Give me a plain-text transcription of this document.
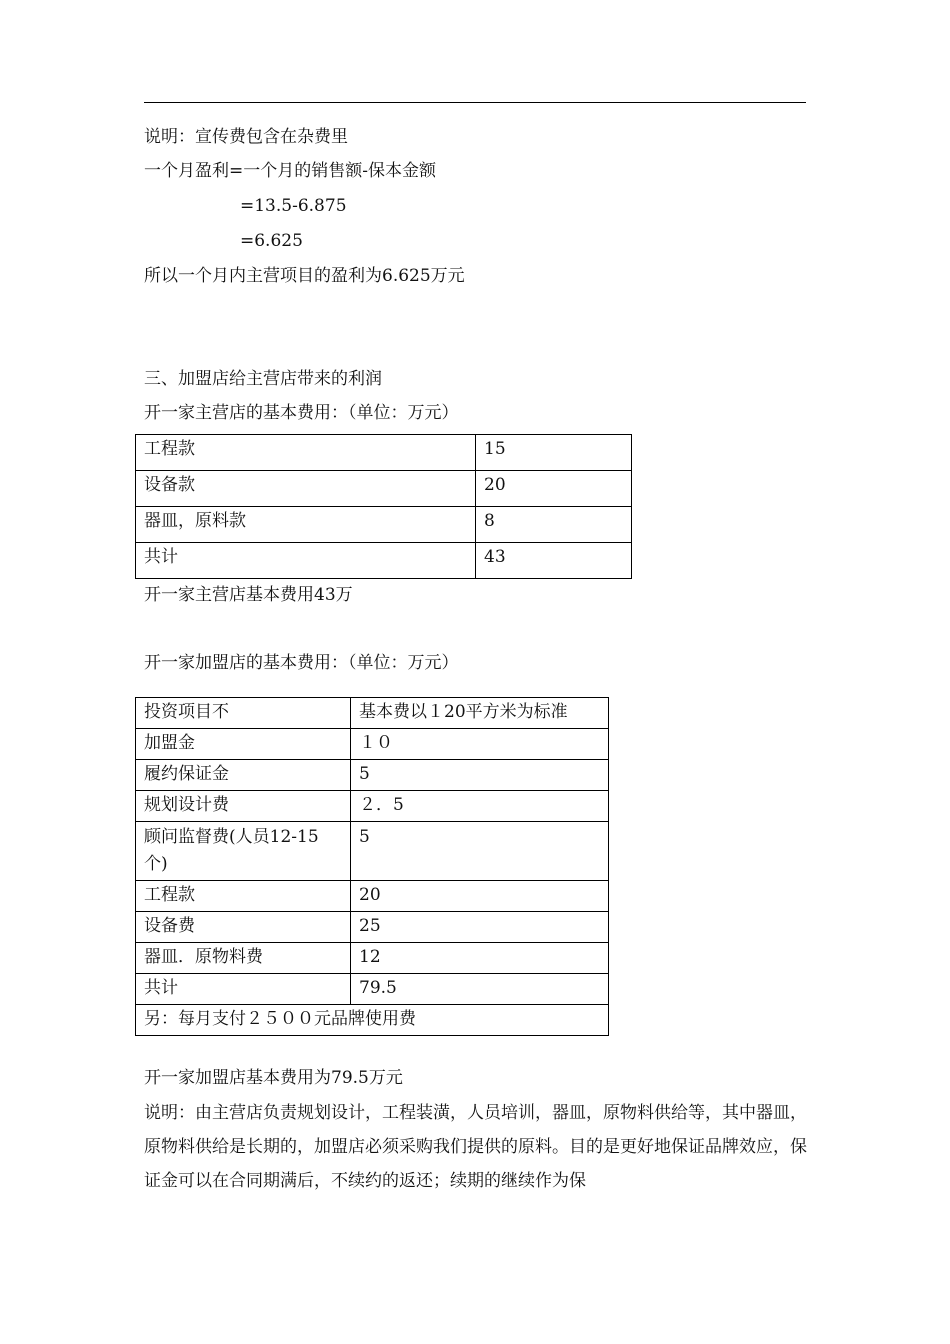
说明：宣传费包含在杂费里
一个月盈利=一个月的销售额-保本金额
=13.5-6.875
=6.625
所以一个月内主营项目的盈利为6.625万元
三、加盟店给主营店带来的利润
开一家主营店的基本费用：（单位：万元）
工程款	15
设备款	20
器皿，原料款	8
共计	43
开一家主营店基本费用43万
开一家加盟店的基本费用：（单位：万元）
投资项目不	基本费以１20平方米为标准
加盟金	１０
履约保证金	5
规划设计费	２．5
顾问监督费(人员12-15个)	5
工程款	20
设备费	25
器皿．原物料费	12
共计	79.5
另：每月支付２５００元品牌使用费	
开一家加盟店基本费用为79.5万元
说明：由主营店负责规划设计，工程装潢，人员培训，器皿，原物料供给等，其中器皿，原物料供给是长期的，加盟店必须采购我们提供的原料。目的是更好地保证品牌效应，保证金可以在合同期满后，不续约的返还；续期的继续作为保
